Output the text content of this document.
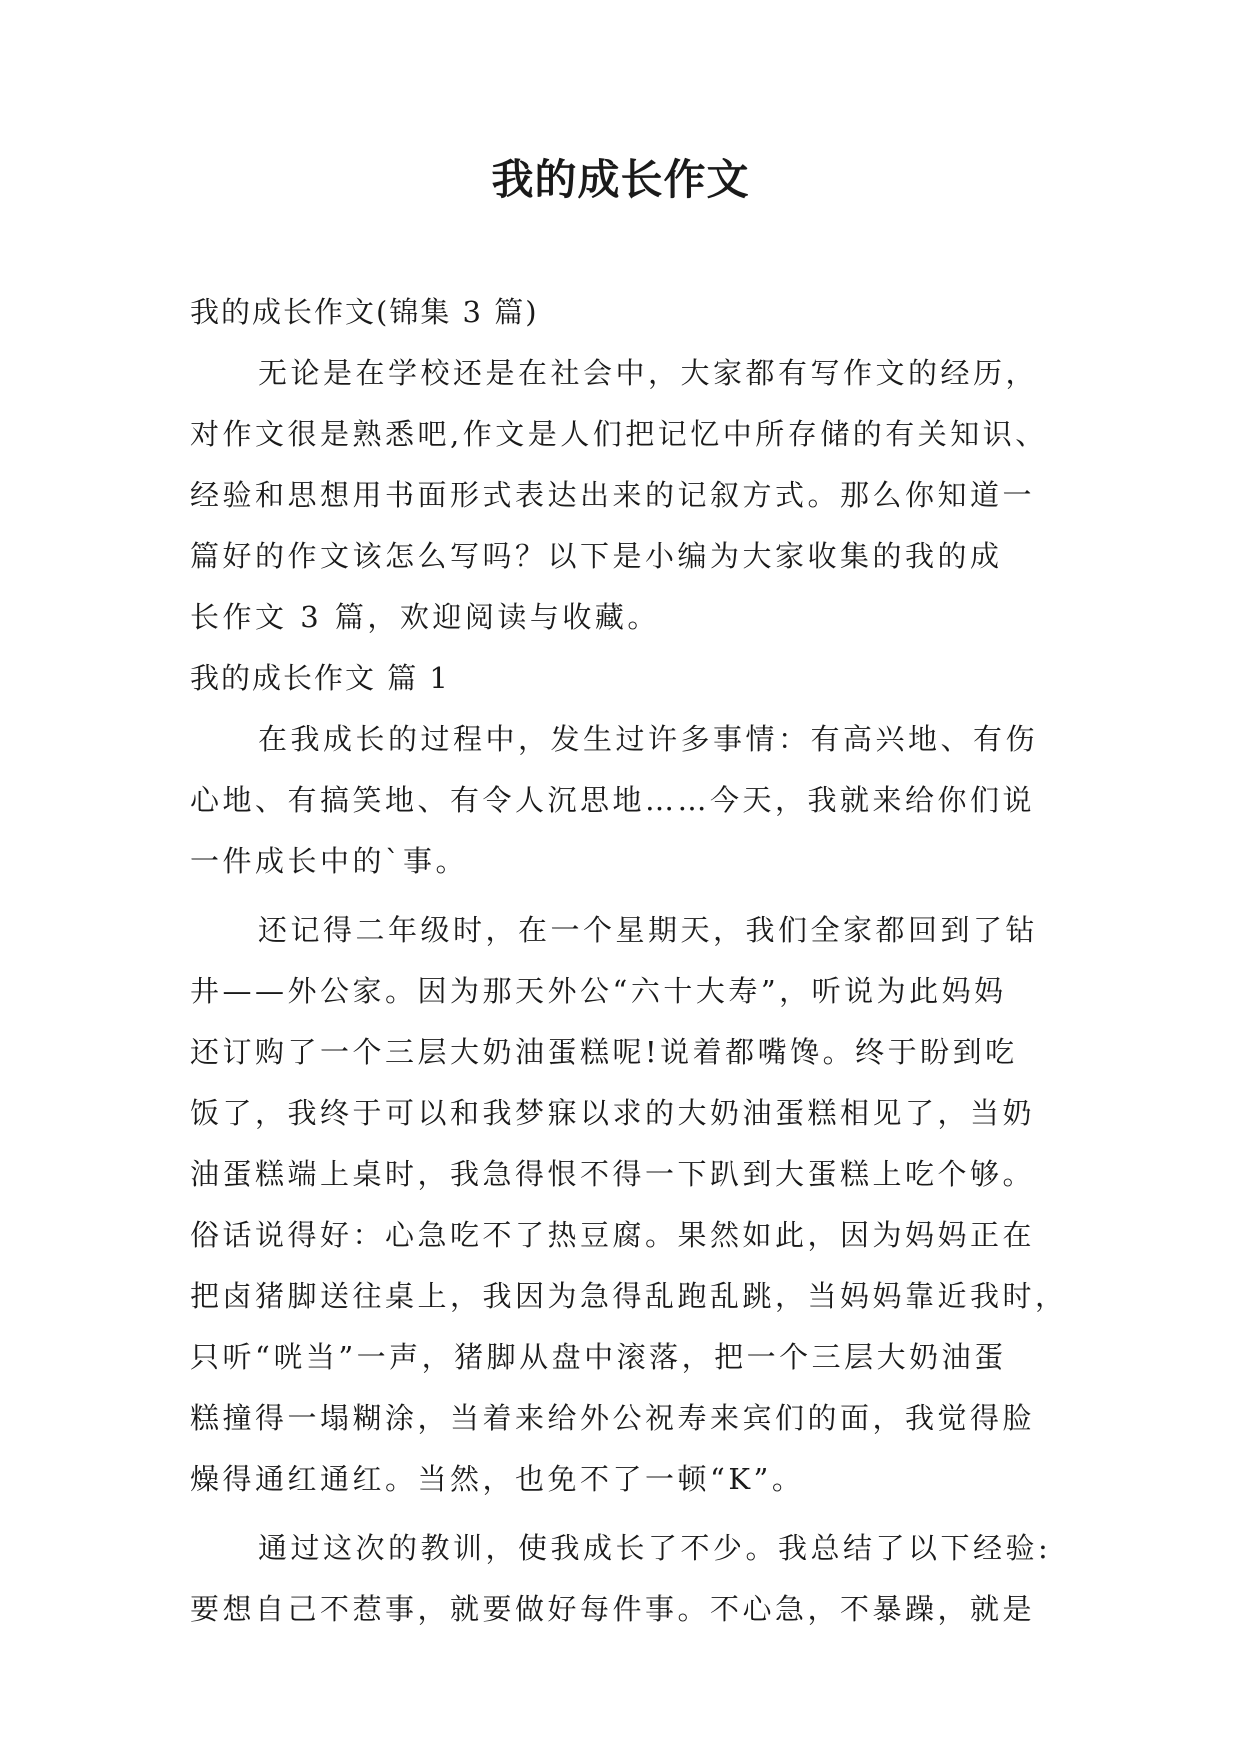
我的成长作文
我的成长作文(锦集 3 篇)
无论是在学校还是在社会中，大家都有写作文的经历，
对作文很是熟悉吧,作文是人们把记忆中所存储的有关知识、
经验和思想用书面形式表达出来的记叙方式。那么你知道一
篇好的作文该怎么写吗？以下是小编为大家收集的我的成
长作文 3 篇，欢迎阅读与收藏。
我的成长作文 篇 1
在我成长的过程中，发生过许多事情：有高兴地、有伤
心地、有搞笑地、有令人沉思地……今天，我就来给你们说
一件成长中的`事。
还记得二年级时，在一个星期天，我们全家都回到了钻
井——外公家。因为那天外公“六十大寿”，听说为此妈妈
还订购了一个三层大奶油蛋糕呢!说着都嘴馋。终于盼到吃
饭了，我终于可以和我梦寐以求的大奶油蛋糕相见了，当奶
油蛋糕端上桌时，我急得恨不得一下趴到大蛋糕上吃个够。
俗话说得好：心急吃不了热豆腐。果然如此，因为妈妈正在
把卤猪脚送往桌上，我因为急得乱跑乱跳，当妈妈靠近我时，
只听“咣当”一声，猪脚从盘中滚落，把一个三层大奶油蛋
糕撞得一塌糊涂，当着来给外公祝寿来宾们的面，我觉得脸
燥得通红通红。当然，也免不了一顿“K”。
通过这次的教训，使我成长了不少。我总结了以下经验:
要想自己不惹事，就要做好每件事。不心急，不暴躁，就是
